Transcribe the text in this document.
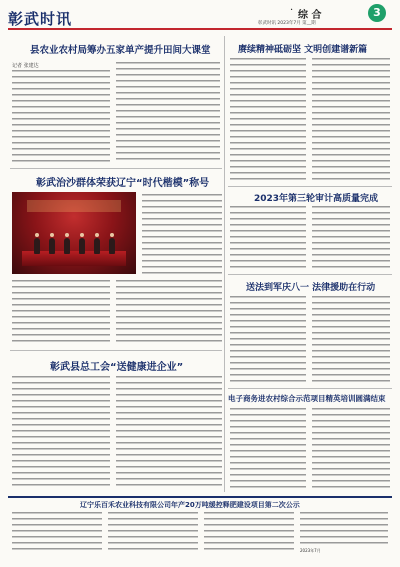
彰武时讯	· 综 合	3
彰武时讯 2023年7月 第__期
县农业农村局筹办五家单产提升田间大课堂
记者 张建达
彰武治沙群体荣获辽宁“时代楷模”称号
彰武县总工会“送健康进企业”
赓续精神砥砺坚 文明创建谱新篇
2023年第三轮审计高质量完成
送法到军庆八一 法律援助在行动
电子商务进农村综合示范项目精英培训圆满结束
辽宁乐百禾农业科技有限公司年产20万吨缓控释肥建设项目第二次公示
2023年7月
